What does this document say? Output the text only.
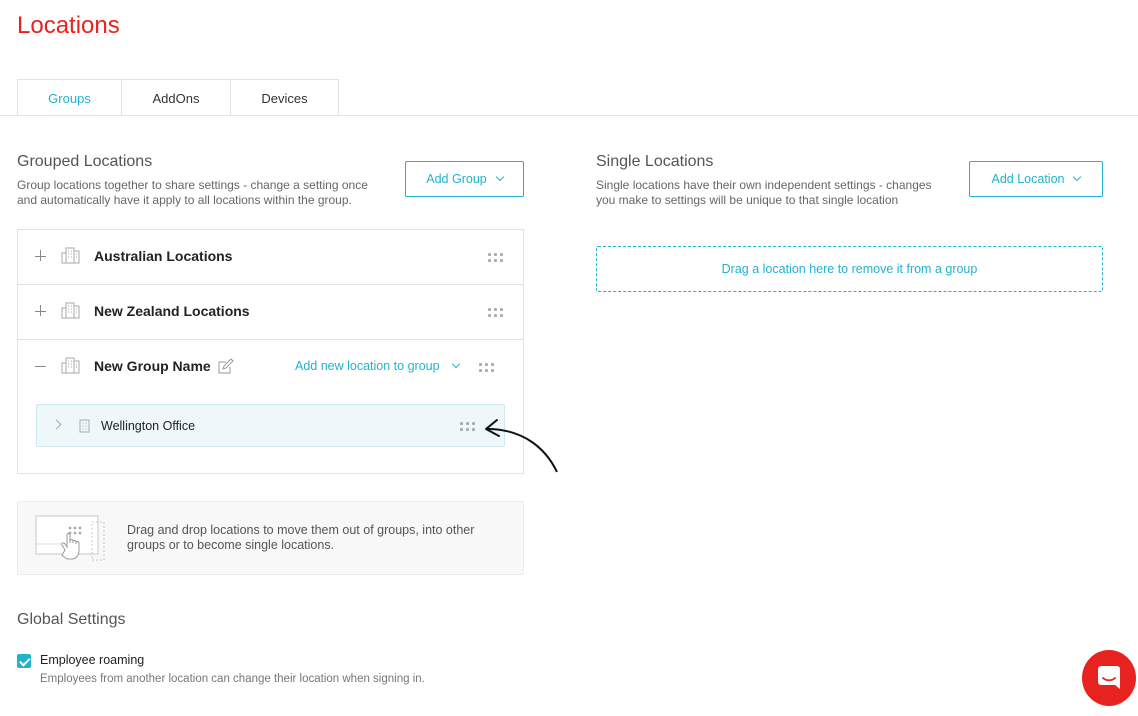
Locations
Groups	AddOns	Devices
Grouped Locations
Group locations together to share settings - change a setting once
and automatically have it apply to all locations within the group.
Add Group
Australian Locations
New Zealand Locations
New Group Name	Add new location to group
Wellington Office
Single Locations
Single locations have their own independent settings - changes
you make to settings will be unique to that single location
Add Location
Drag a location here to remove it from a group
Drag and drop locations to move them out of groups, into other
groups or to become single locations.
Global Settings
Employee roaming
Employees from another location can change their location when signing in.
